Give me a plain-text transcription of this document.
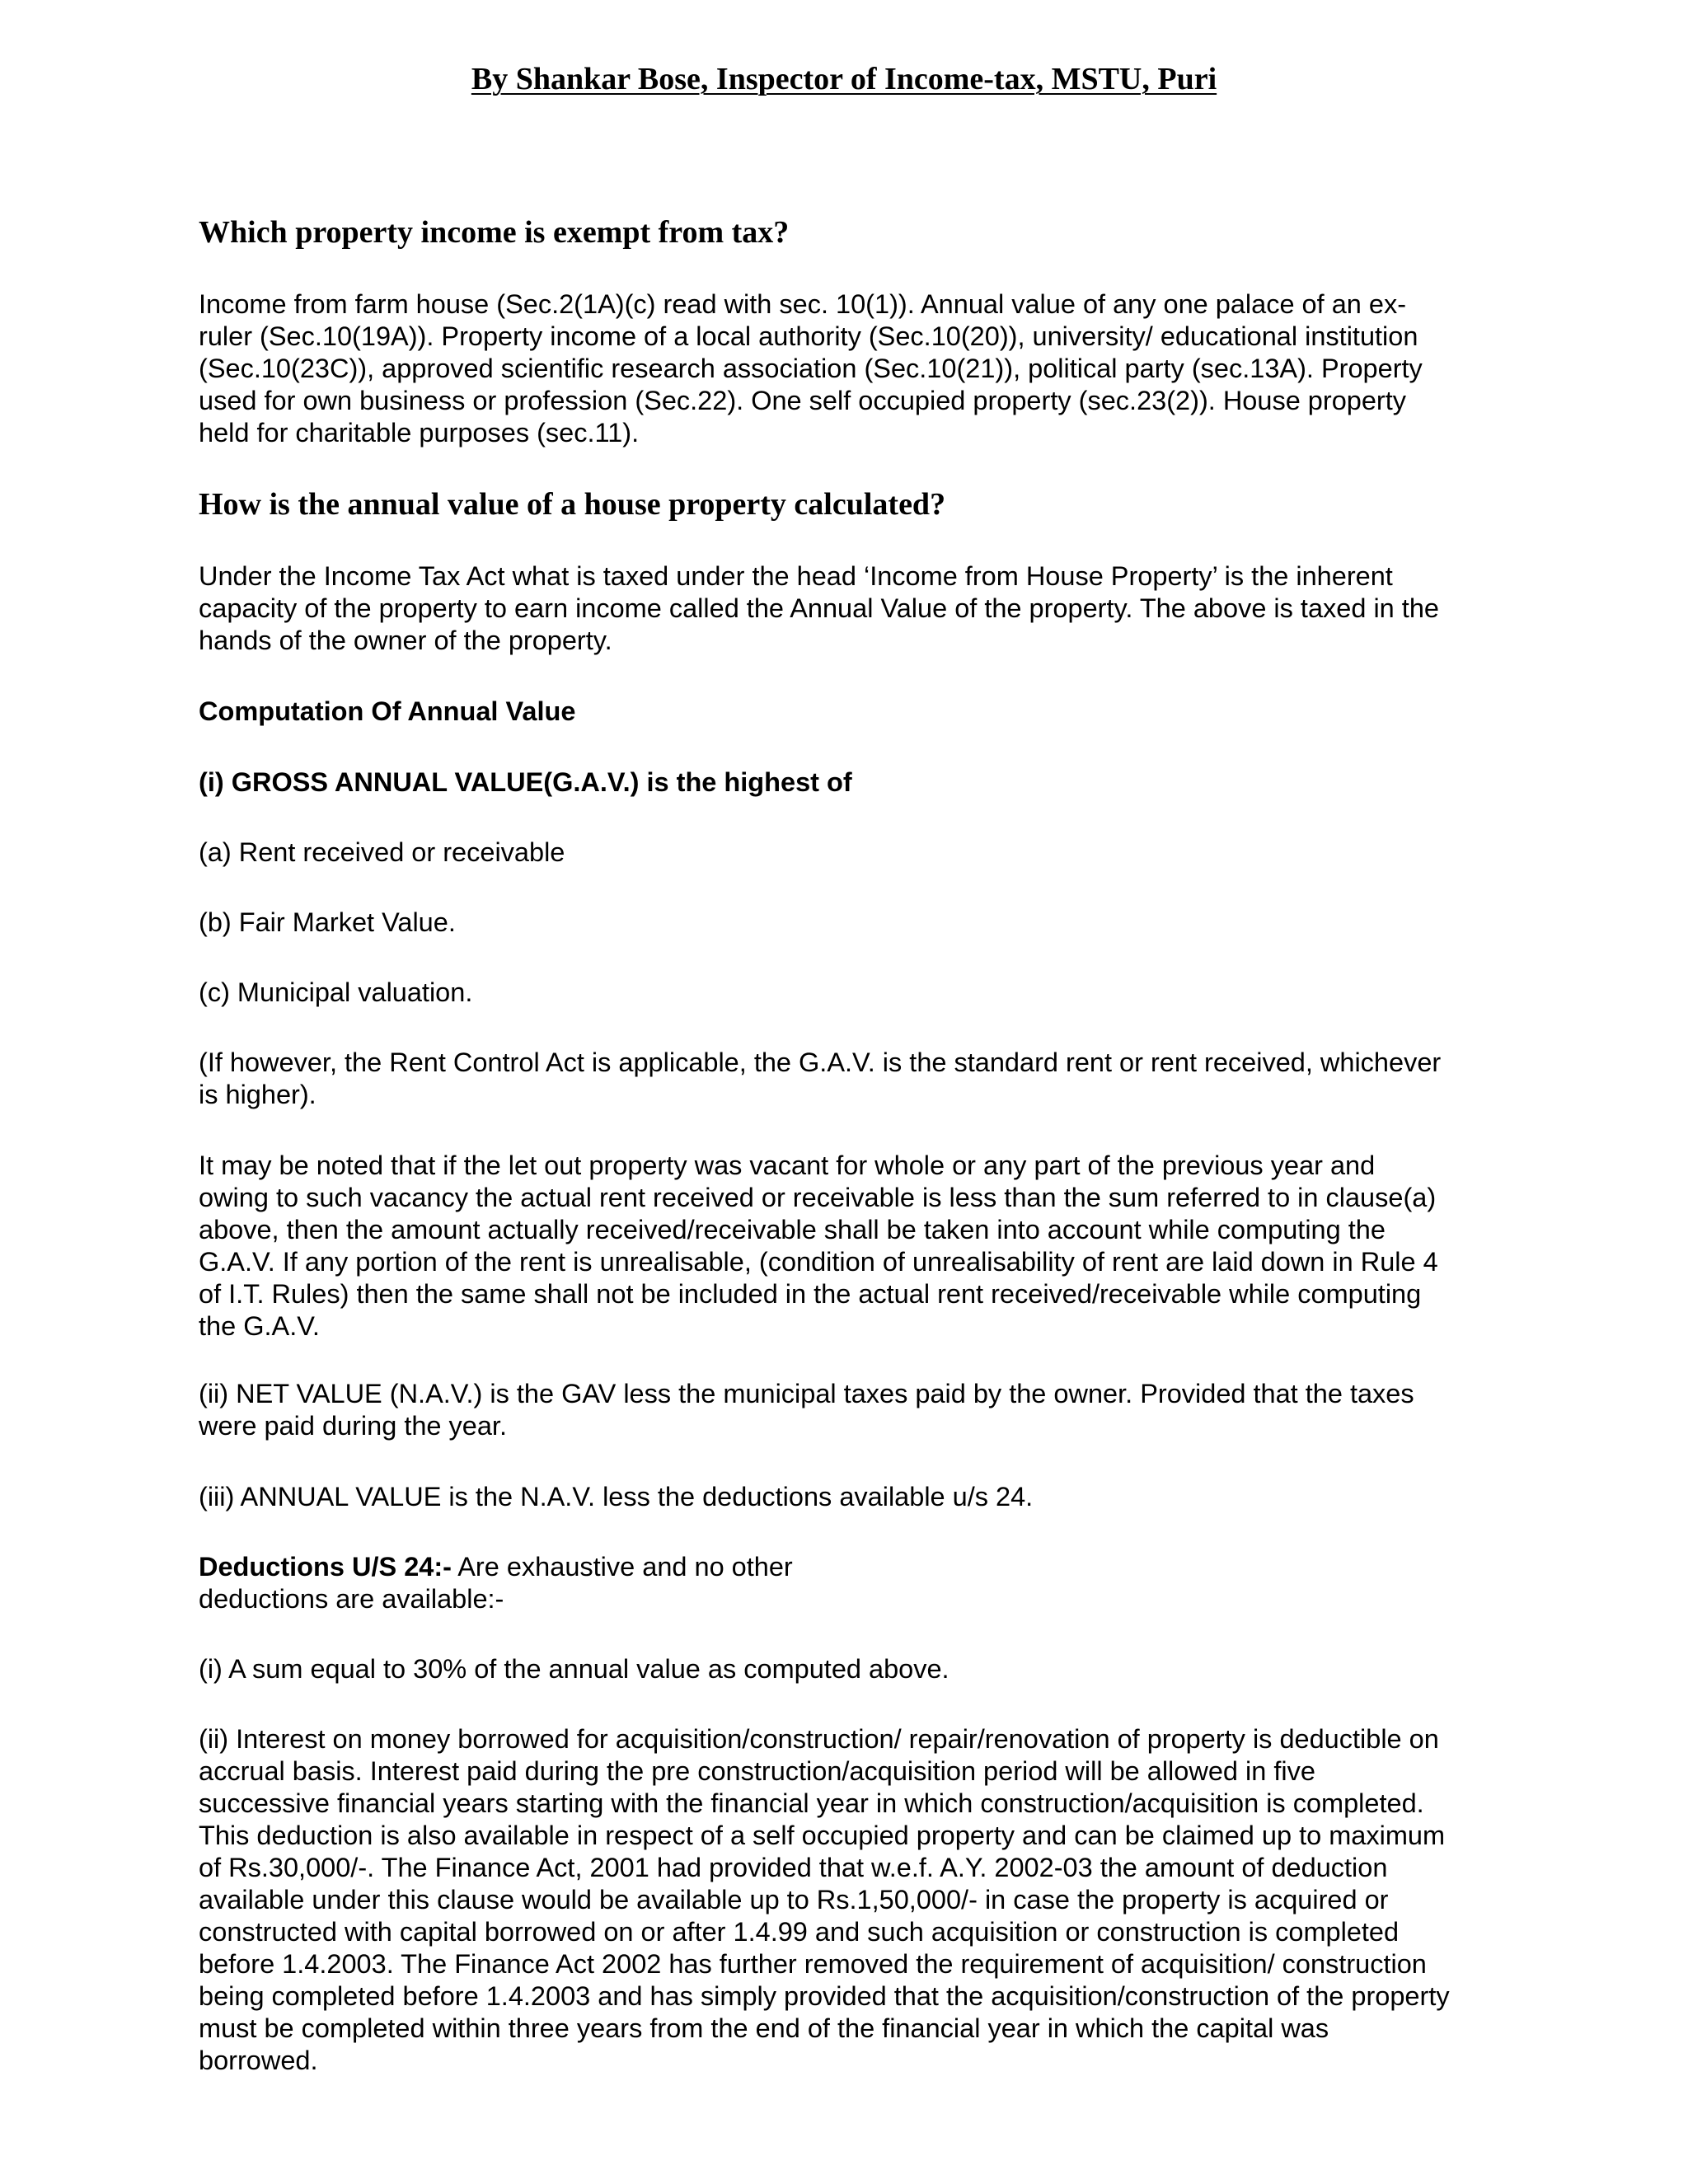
By Shankar Bose, Inspector of Income-tax, MSTU, Puri
Which property income is exempt from tax?
Income from farm house (Sec.2(1A)(c) read with sec. 10(1)). Annual value of any one palace of an ex-
ruler (Sec.10(19A)). Property income of a local authority (Sec.10(20)), university/ educational institution
(Sec.10(23C)), approved scientific research association (Sec.10(21)), political party (sec.13A). Property
used for own business or profession (Sec.22). One self occupied property (sec.23(2)). House property
held for charitable purposes (sec.11).
How is the annual value of a house property calculated?
Under the Income Tax Act what is taxed under the head ‘Income from House Property’ is the inherent
capacity of the property to earn income called the Annual Value of the property. The above is taxed in the
hands of the owner of the property.
Computation Of Annual Value
(i) GROSS ANNUAL VALUE(G.A.V.) is the highest of
(a) Rent received or receivable
(b) Fair Market Value.
(c) Municipal valuation.
(If however, the Rent Control Act is applicable, the G.A.V. is the standard rent or rent received, whichever
is higher).
It may be noted that if the let out property was vacant for whole or any part of the previous year and
owing to such vacancy the actual rent received or receivable is less than the sum referred to in clause(a)
above, then the amount actually received/receivable shall be taken into account while computing the
G.A.V. If any portion of the rent is unrealisable, (condition of unrealisability of rent are laid down in Rule 4
of I.T. Rules) then the same shall not be included in the actual rent received/receivable while computing
the G.A.V.
(ii) NET VALUE (N.A.V.) is the GAV less the municipal taxes paid by the owner. Provided that the taxes
were paid during the year.
(iii) ANNUAL VALUE is the N.A.V. less the deductions available u/s 24.
Deductions U/S 24:- Are exhaustive and no other
deductions are available:-
(i) A sum equal to 30% of the annual value as computed above.
(ii) Interest on money borrowed for acquisition/construction/ repair/renovation of property is deductible on
accrual basis. Interest paid during the pre construction/acquisition period will be allowed in five
successive financial years starting with the financial year in which construction/acquisition is completed.
This deduction is also available in respect of a self occupied property and can be claimed up to maximum
of Rs.30,000/-. The Finance Act, 2001 had provided that w.e.f. A.Y. 2002-03 the amount of deduction
available under this clause would be available up to Rs.1,50,000/- in case the property is acquired or
constructed with capital borrowed on or after 1.4.99 and such acquisition or construction is completed
before 1.4.2003. The Finance Act 2002 has further removed the requirement of acquisition/ construction
being completed before 1.4.2003 and has simply provided that the acquisition/construction of the property
must be completed within three years from the end of the financial year in which the capital was
borrowed.
